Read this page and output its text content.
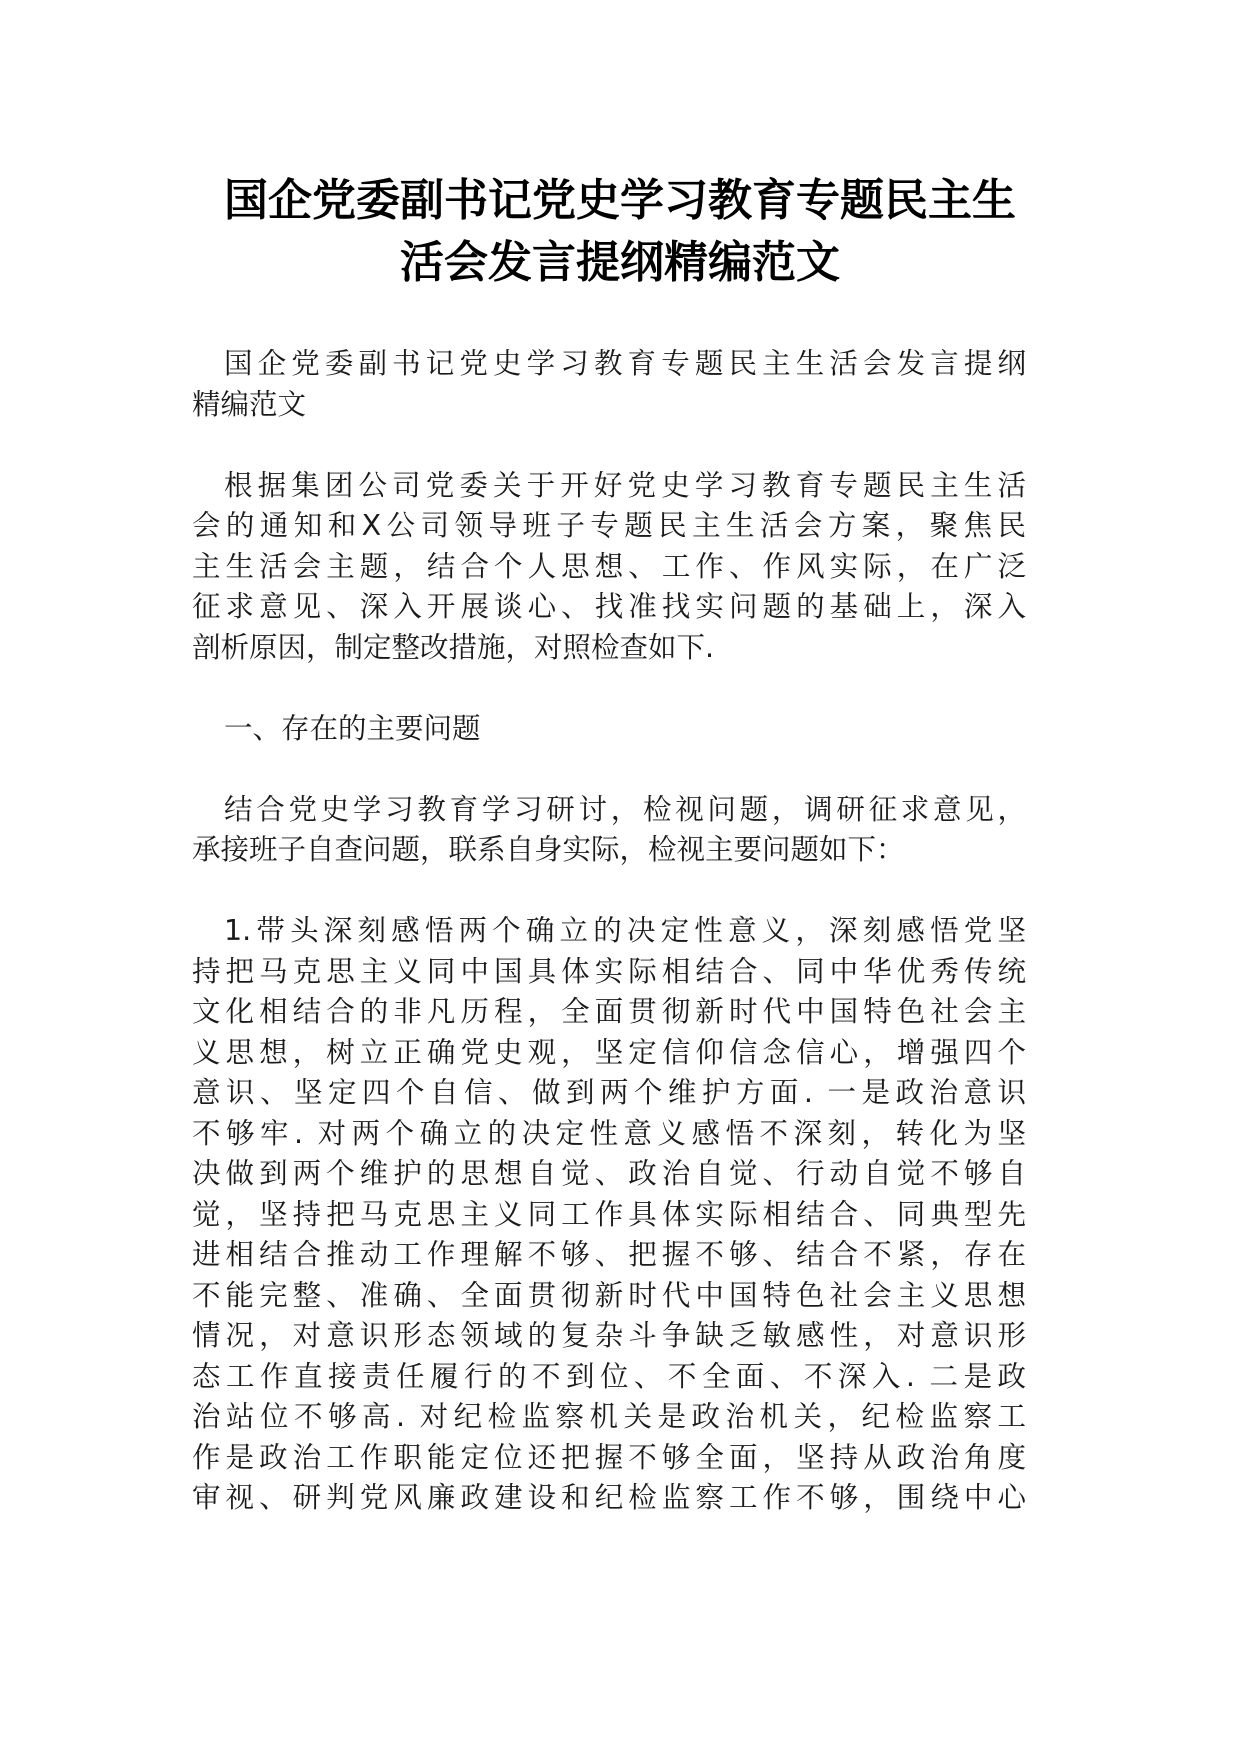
国企党委副书记党史学习教育专题民主生
活会发言提纲精编范文

国企党委副书记党史学习教育专题民主生活会发言提纲
精编范文

根据集团公司党委关于开好党史学习教育专题民主生活
会的通知和X公司领导班子专题民主生活会方案，聚焦民
主生活会主题，结合个人思想、工作、作风实际，在广泛
征求意见、深入开展谈心、找准找实问题的基础上，深入
剖析原因，制定整改措施，对照检查如下.

一、存在的主要问题

结合党史学习教育学习研讨，检视问题，调研征求意见，
承接班子自查问题，联系自身实际，检视主要问题如下：

1.带头深刻感悟两个确立的决定性意义，深刻感悟党坚
持把马克思主义同中国具体实际相结合、同中华优秀传统
文化相结合的非凡历程，全面贯彻新时代中国特色社会主
义思想，树立正确党史观，坚定信仰信念信心，增强四个
意识、坚定四个自信、做到两个维护方面. 一是政治意识
不够牢. 对两个确立的决定性意义感悟不深刻，转化为坚
决做到两个维护的思想自觉、政治自觉、行动自觉不够自
觉，坚持把马克思主义同工作具体实际相结合、同典型先
进相结合推动工作理解不够、把握不够、结合不紧，存在
不能完整、准确、全面贯彻新时代中国特色社会主义思想
情况，对意识形态领域的复杂斗争缺乏敏感性，对意识形
态工作直接责任履行的不到位、不全面、不深入. 二是政
治站位不够高. 对纪检监察机关是政治机关，纪检监察工
作是政治工作职能定位还把握不够全面，坚持从政治角度
审视、研判党风廉政建设和纪检监察工作不够，围绕中心
